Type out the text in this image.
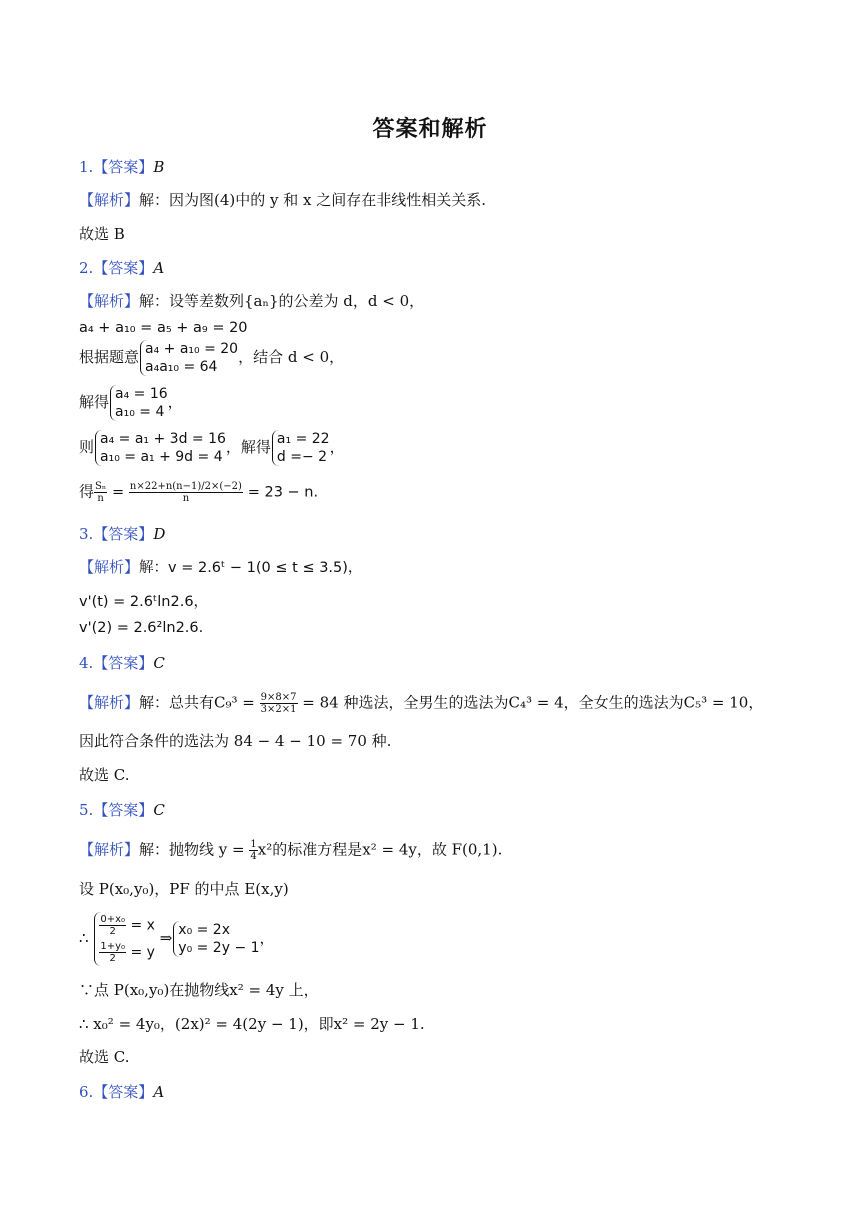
答案和解析
1.【答案】B
【解析】解：因为图(4)中的 y 和 x 之间存在非线性相关关系.
故选 B
2.【答案】A
【解析】解：设等差数列{aₙ}的公差为 d，d < 0，
a₄ + a₁₀ = a₅ + a₉ = 20
根据题意 a₄ + a₁₀ = 20
a₄a₁₀ = 64
，结合 d < 0，
解得 a₄ = 16
a₁₀ = 4
，
则 a₄ = a₁ + 3d = 16
a₁₀ = a₁ + 9d = 4
，解得 a₁ = 22
d =− 2
，
得 $\frac{\text{Sₙ}}{n} = \frac{n\times 22+n(n-1)/2\times(-2)}{n} = 23 - n$.
3.【答案】D
【解析】解：v = 2.6ᵗ − 1(0 ≤ t ≤ 3.5)，
v'(t) = 2.6ᵗln2.6，
v'(2) = 2.6²ln2.6.
4.【答案】C
【解析】解：总共有$C_9^3 = \frac{9\times 8\times 7}{3\times 2\times 1} = 84$ 种选法，全男生的选法为C₄³ = 4，全女生的选法为C₅³ = 10，
因此符合条件的选法为 84 − 4 − 10 = 70 种.
故选 C.
5.【答案】C
【解析】解：抛物线 $y = \frac{1}{4} x^2$的标准方程是x² = 4y，故 F(0,1).
设 P(x₀,y₀)，PF 的中点 E(x,y)
∴
$\frac{\text{0+x₀}}{2} = x$
$\frac{\text{1+y₀}}{2} = y$
⇒ x₀ = 2x
y₀ = 2y − 1
，
∵点 P(x₀,y₀)在抛物线x² = 4y 上，
∴ x₀² = 4y₀，(2x)² = 4(2y − 1)，即x² = 2y − 1.
故选 C.
6.【答案】A
